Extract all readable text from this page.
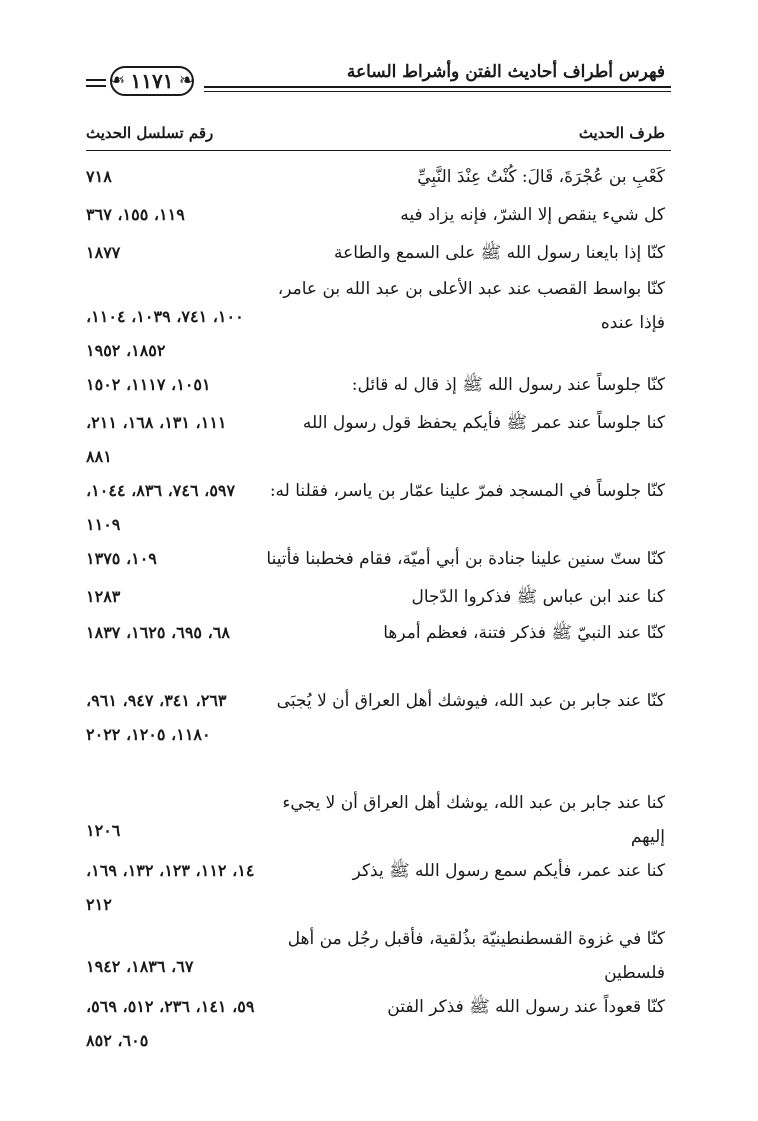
❧ ١١٧١
❧	فهرس أطراف أحاديث الفتن وأشراط الساعة
رقم تسلسل الحديث	طرف الحديث
كَعْبِ بن عُجْرَةَ، قَالَ: كُنْتُ عِنْدَ النَّبِيِّ
٧١٨
كل شيء ينقص إلا الشرّ، فإنه يزاد فيه
١١٩، ١٥٥، ٣٦٧
كنّا إذا بايعنا رسول الله ﷺ على السمع والطاعة
١٨٧٧
كنّا بواسط القصب عند عبد الأعلى بن عبد الله بن عامر، فإذا عنده
١٠٠، ٧٤١، ١٠٣٩، ١١٠٤، ١٨٥٢، ١٩٥٢
كنّا جلوساً عند رسول الله ﷺ إذ قال له قائل:
١٠٥١، ١١١٧، ١٥٠٢
كنا جلوساً عند عمر ﷺ فأيكم يحفظ قول رسول الله
١١١، ١٣١، ١٦٨، ٢١١، ٨٨١
كنّا جلوساً في المسجد فمرّ علينا عمّار بن ياسر، فقلنا له:
٥٩٧، ٧٤٦، ٨٣٦، ١٠٤٤، ١١٠٩
كنّا ستّ سنين علينا جنادة بن أبي أميّة، فقام فخطبنا فأتينا
١٠٩، ١٣٧٥
كنا عند ابن عباس ﷺ فذكروا الدّجال
١٢٨٣
كنّا عند النبيّ ﷺ فذكر فتنة، فعظم أمرها
٦٨، ٦٩٥، ١٦٢٥، ١٨٣٧
كنّا عند جابر بن عبد الله، فيوشك أهل العراق أن لا يُجبَى
٢٦٣، ٣٤١، ٩٤٧، ٩٦١، ١١٨٠، ١٢٠٥، ٢٠٢٢
كنا عند جابر بن عبد الله، يوشك أهل العراق أن لا يجيء إليهم
١٢٠٦
كنا عند عمر، فأيكم سمع رسول الله ﷺ يذكر
١٤، ١١٢، ١٢٣، ١٣٢، ١٦٩، ٢١٢
كنّا في غزوة القسطنطينيّة بذُلقية، فأقبل رجُل من أهل فلسطين
٦٧، ١٨٣٦، ١٩٤٢
كنّا قعوداً عند رسول الله ﷺ فذكر الفتن
٥٩، ١٤١، ٢٣٦، ٥١٢، ٥٦٩، ٦٠٥، ٨٥٢
